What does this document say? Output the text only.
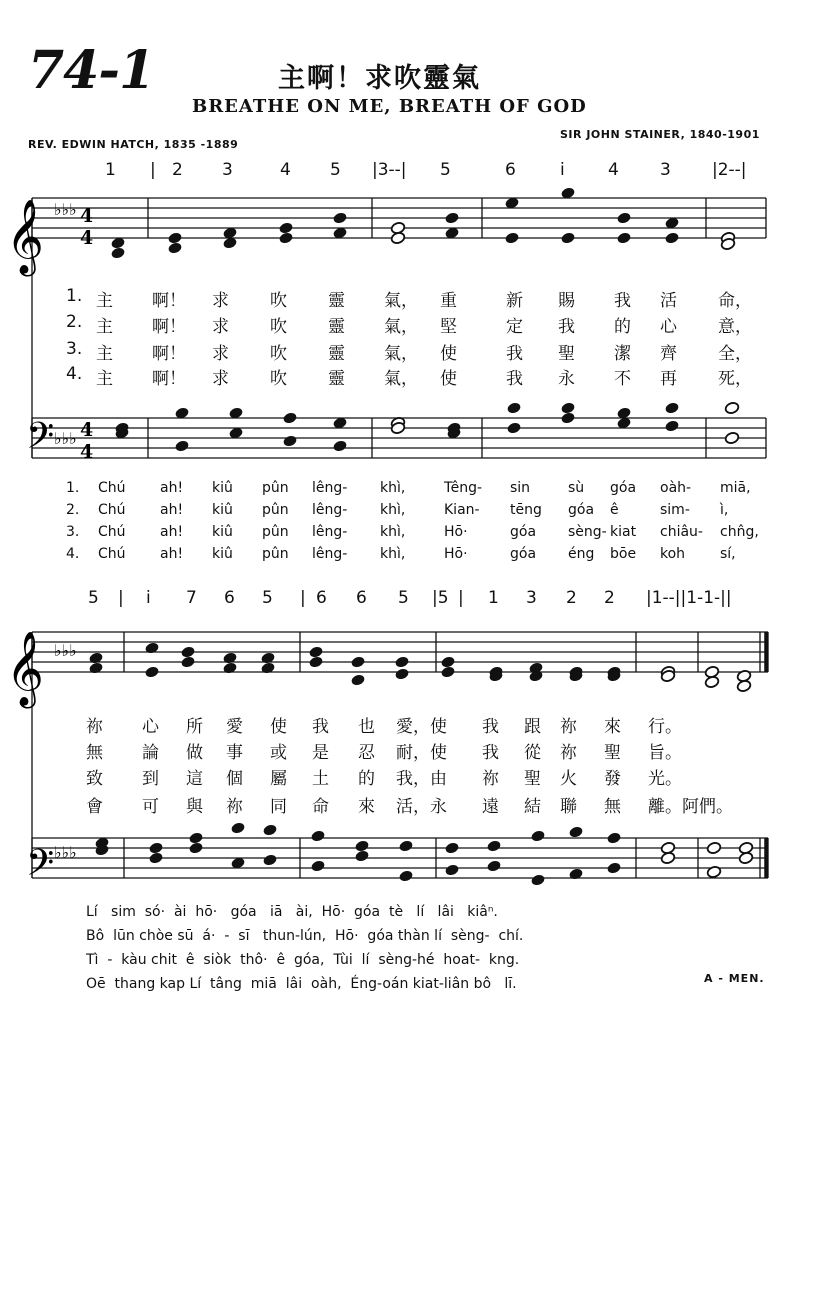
74-1	主啊！求吹靈氣
BREATHE ON ME, BREATH OF GOD
REV. EDWIN HATCH, 1835 -1889
SIR JOHN STAINER, 1840-1901
𝄞
𝄢
𝄞
𝄢
4
4
4
4
♭♭♭
♭♭♭
♭♭♭
♭♭♭
1 | 2 3	4 5 |3--| 5	6	i	4 3 |2--|
1. 主 啊！ 求 吹 靈 氣， 重	新 賜 我 活 命，
2. 主 啊！ 求 吹 靈 氣， 堅	定 我 的 心 意，
3. 主 啊！ 求 吹 靈 氣， 使	我 聖 潔 齊 全，
4. 主 啊！ 求 吹 靈 氣， 使	我 永 不 再 死，
1. Chú ah! kiû pûn lêng- khì,	Têng- sin	sù góa oàh- miā,
2. Chú ah! kiû pûn lêng- khì,	Kian- tēng góa ê	sim- ì,
3. Chú ah! kiû pûn lêng- khì,	Hō·	góa sèng- kiat chiâu- chn̂g,
4. Chú ah! kiû pûn lêng- khì,	Hō·	góa éng bōe koh sí,
5 | i 7 6 5 | 6 6 5 |5 | 1 3 2 2 |1--||1-1-||
祢 心 所 愛 使 我 也 愛，使 我 跟 祢 來 行。
無 論 做 事 或 是 忍 耐，使 我 從 祢 聖 旨。
致 到 這 個 屬 土 的 我，由 祢 聖 火 發 光。
會 可 與 祢 同 命 來 活，永 遠 結 聯 無 離。阿們。
Lí   sim  só·  ài  hō·   góa   iā   ài,  Hō·  góa  tè   lí   lâi   kiâⁿ.
Bô  lūn chòe sū  á·  -  sī   thun-lún,  Hō·  góa thàn lí  sèng-  chí.
Tì  -  kàu chit  ê  siòk  thô·  ê  góa,  Tùi  lí  sèng-hé  hoat-  kng.
Oē  thang kap Lí  tâng  miā  lâi  oàh,  Éng-oán kiat-liân bô   lī.	A - MEN.
